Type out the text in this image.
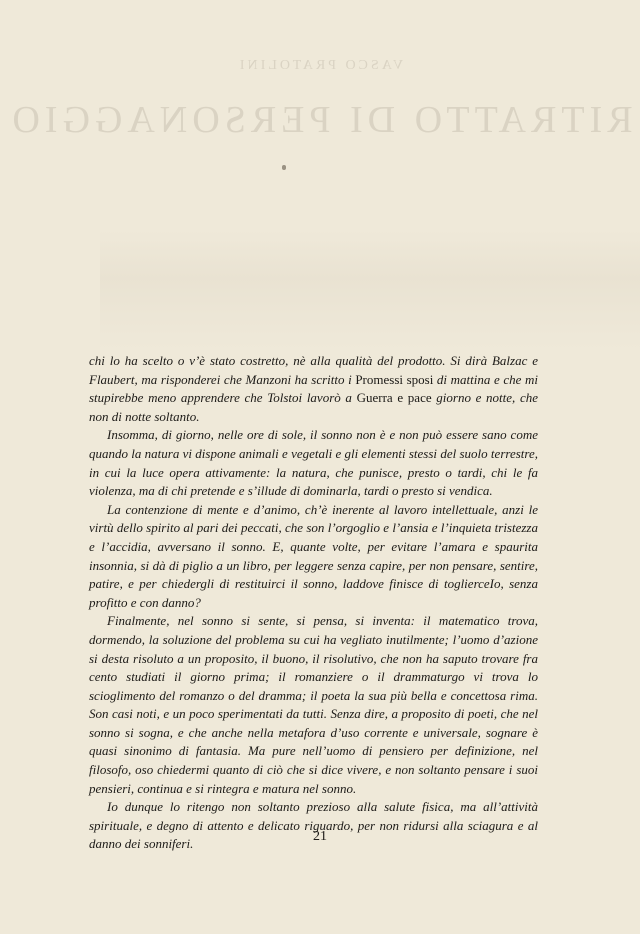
VASCO PRATOLINI
RITRATTO DI PERSONAGGIO

chi lo ha scelto o v’è stato costretto, nè alla qualità del prodotto. Si dirà Balzac e Flaubert, ma risponderei che Manzoni ha scritto i Promessi sposi di mattina e che mi stupirebbe meno apprendere che Tolstoi lavorò a Guerra e pace giorno e notte, che non di notte soltanto.

Insomma, di giorno, nelle ore di sole, il sonno non è e non può essere sano come quando la natura vi dispone animali e vegetali e gli elementi stessi del suolo terrestre, in cui la luce opera attivamente: la natura, che punisce, presto o tardi, chi le fa violenza, ma di chi pretende e s’illude di dominarla, tardi o presto si vendica.

La contenzione di mente e d’animo, ch’è inerente al lavoro intellettuale, anzi le virtù dello spirito al pari dei peccati, che son l’orgoglio e l’ansia e l’inquieta tristezza e l’accidia, avversano il sonno. E, quante volte, per evitare l’amara e spaurita insonnia, si dà di piglio a un libro, per leggere senza capire, per non pensare, sentire, patire, e per chiedergli di restituirci il sonno, laddove finisce di toglierceIo, senza profitto e con danno?

Finalmente, nel sonno si sente, si pensa, si inventa: il matematico trova, dormendo, la soluzione del problema su cui ha vegliato inutilmente; l’uomo d’azione si desta risoluto a un proposito, il buono, il risolutivo, che non ha saputo trovare fra cento studiati il giorno prima; il romanziere o il drammaturgo vi trova lo scioglimento del romanzo o del dramma; il poeta la sua più bella e concettosa rima. Son casi noti, e un poco sperimentati da tutti. Senza dire, a proposito di poeti, che nel sonno si sogna, e che anche nella metafora d’uso corrente e universale, sognare è quasi sinonimo di fantasia. Ma pure nell’uomo di pensiero per definizione, nel filosofo, oso chiedermi quanto di ciò che si dice vivere, e non soltanto pensare i suoi pensieri, continua e si rintegra e matura nel sonno.

Io dunque lo ritengo non soltanto prezioso alla salute fisica, ma all’attività spirituale, e degno di attento e delicato riguardo, per non ridursi alla sciagura e al danno dei sonniferi.	21
